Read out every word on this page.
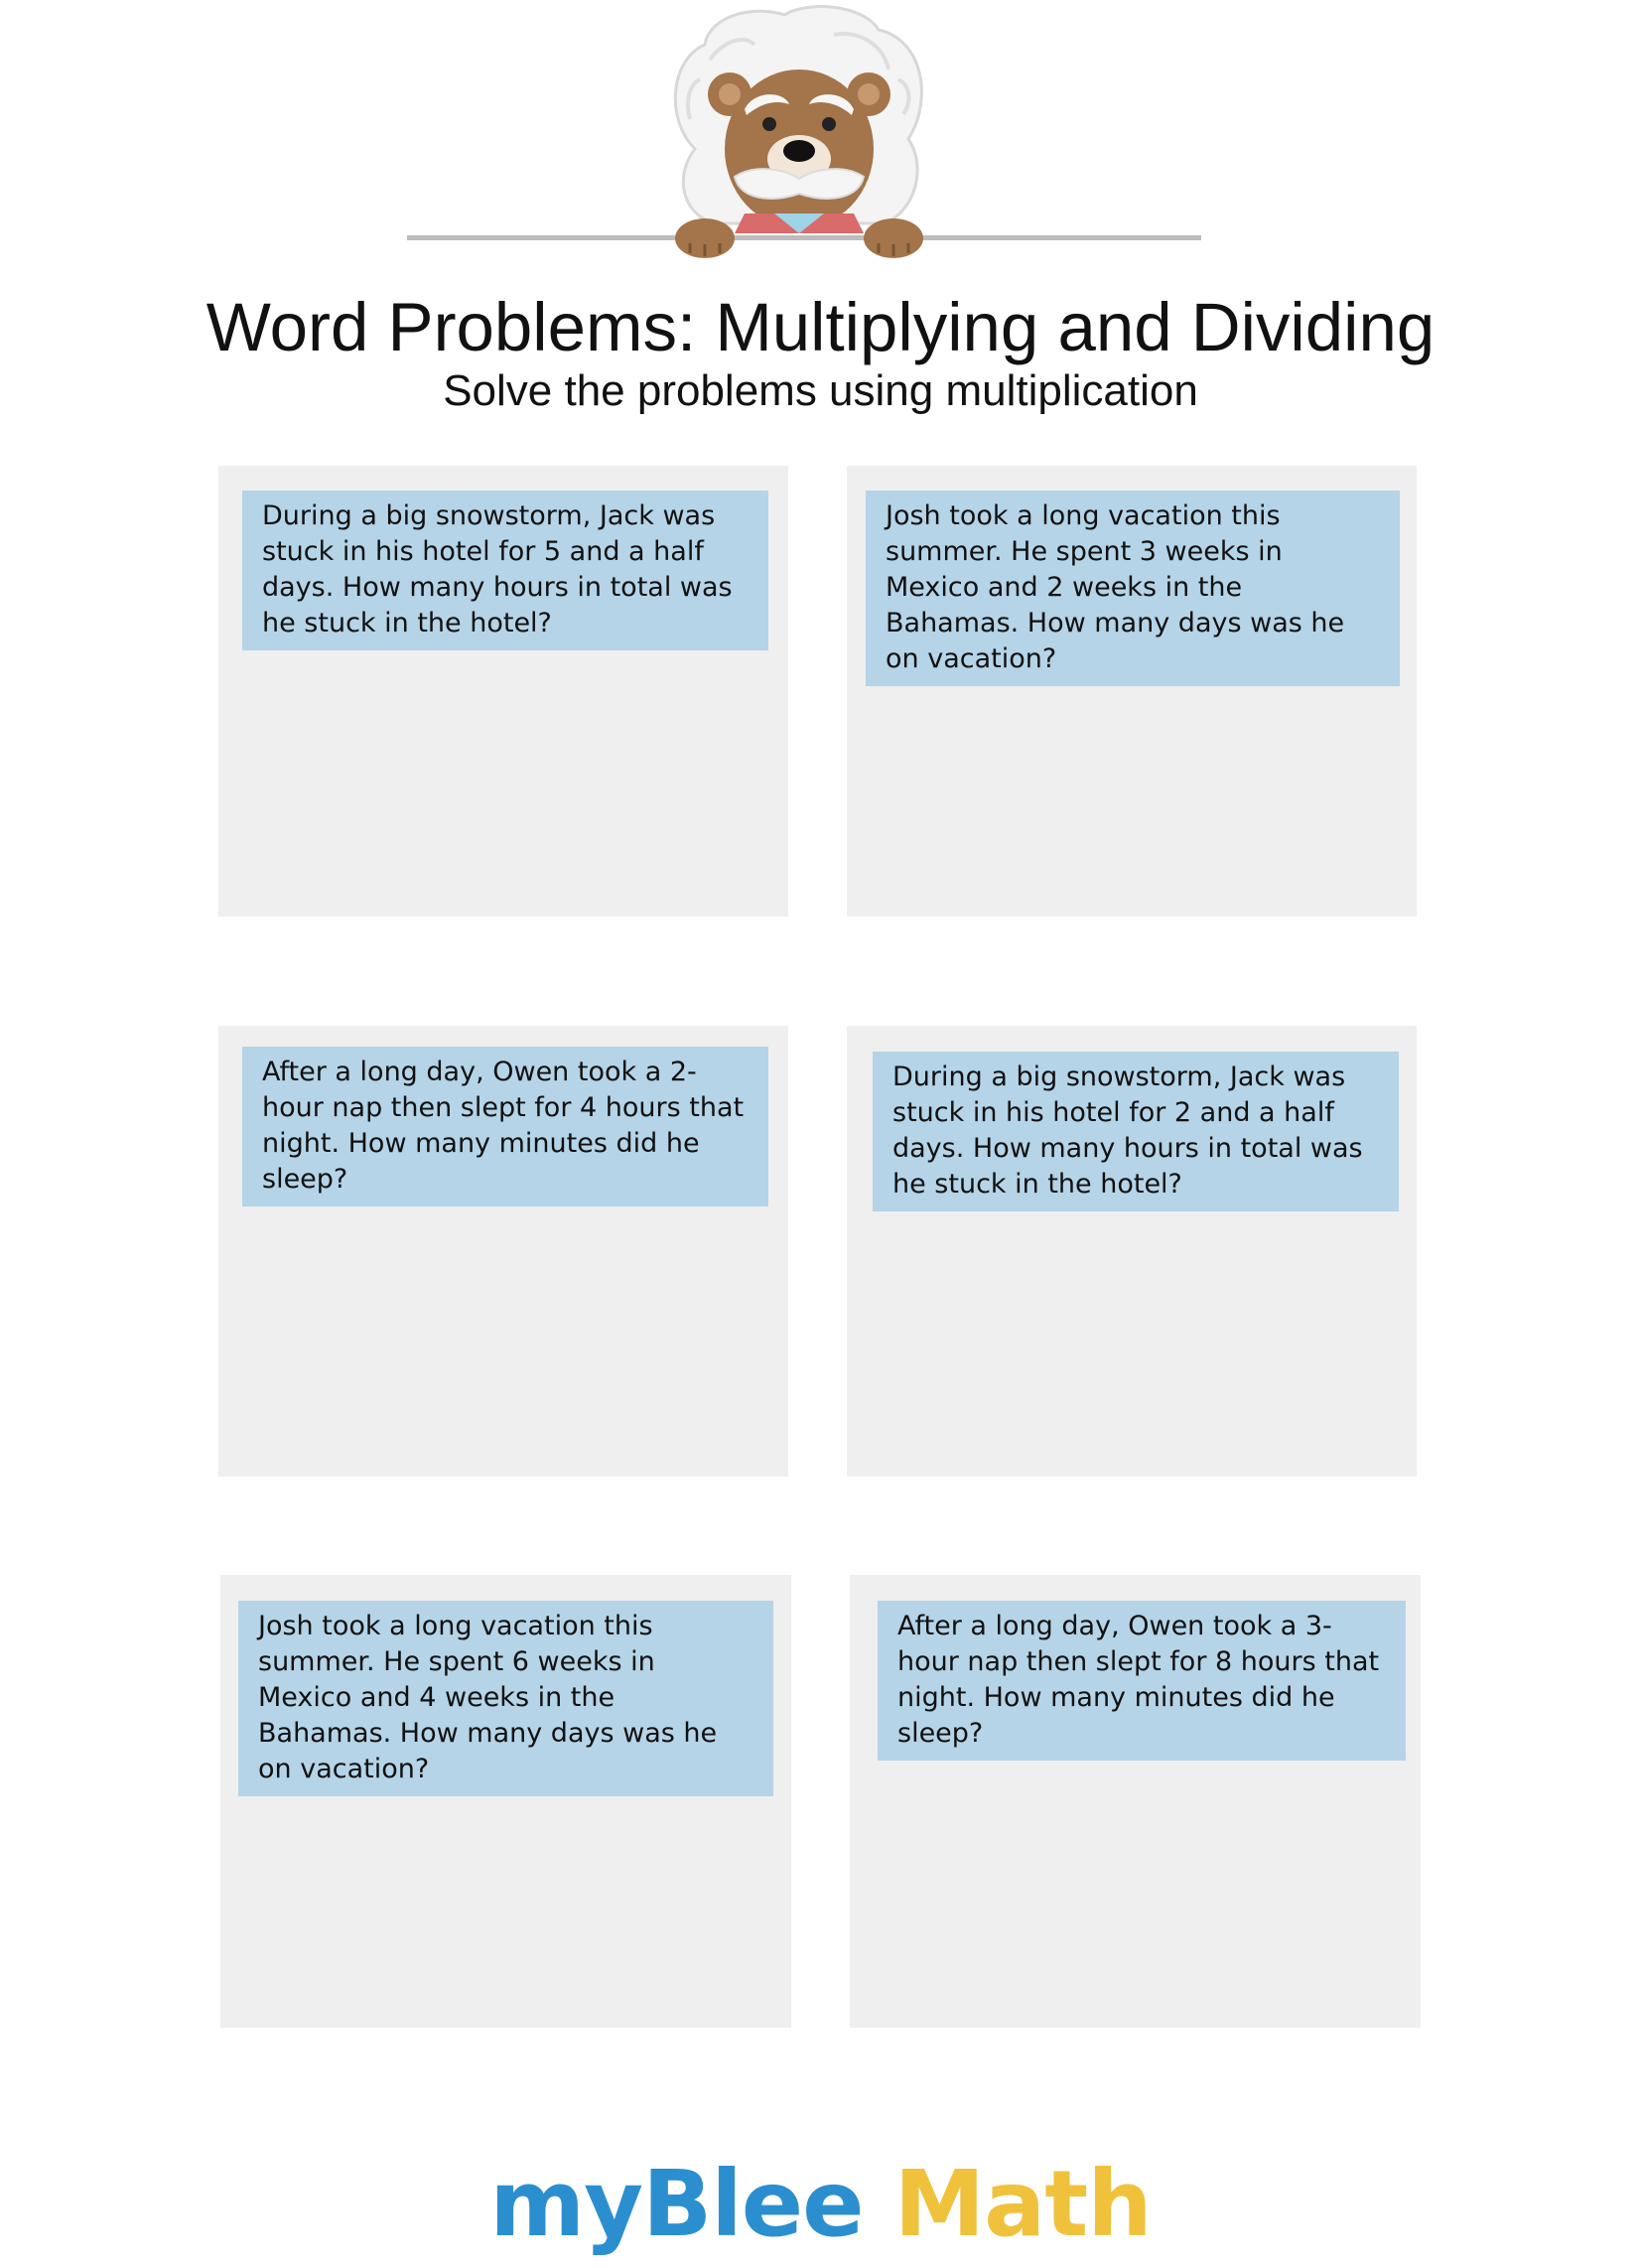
Word Problems: Multiplying and Dividing
Solve the problems using multiplication
During a big snowstorm, Jack was stuck in his hotel for 5 and a half days. How many hours in total was he stuck in the hotel?
Josh took a long vacation this summer. He spent 3 weeks in Mexico and 2 weeks in the Bahamas. How many days was he on vacation?
After a long day, Owen took a 2-hour nap then slept for 4 hours that night. How many minutes did he sleep?
During a big snowstorm, Jack was stuck in his hotel for 2 and a half days. How many hours in total was he stuck in the hotel?
Josh took a long vacation this summer. He spent 6 weeks in Mexico and 4 weeks in the Bahamas. How many days was he on vacation?
After a long day, Owen took a 3-hour nap then slept for 8 hours that night. How many minutes did he sleep?
myBlee Math
